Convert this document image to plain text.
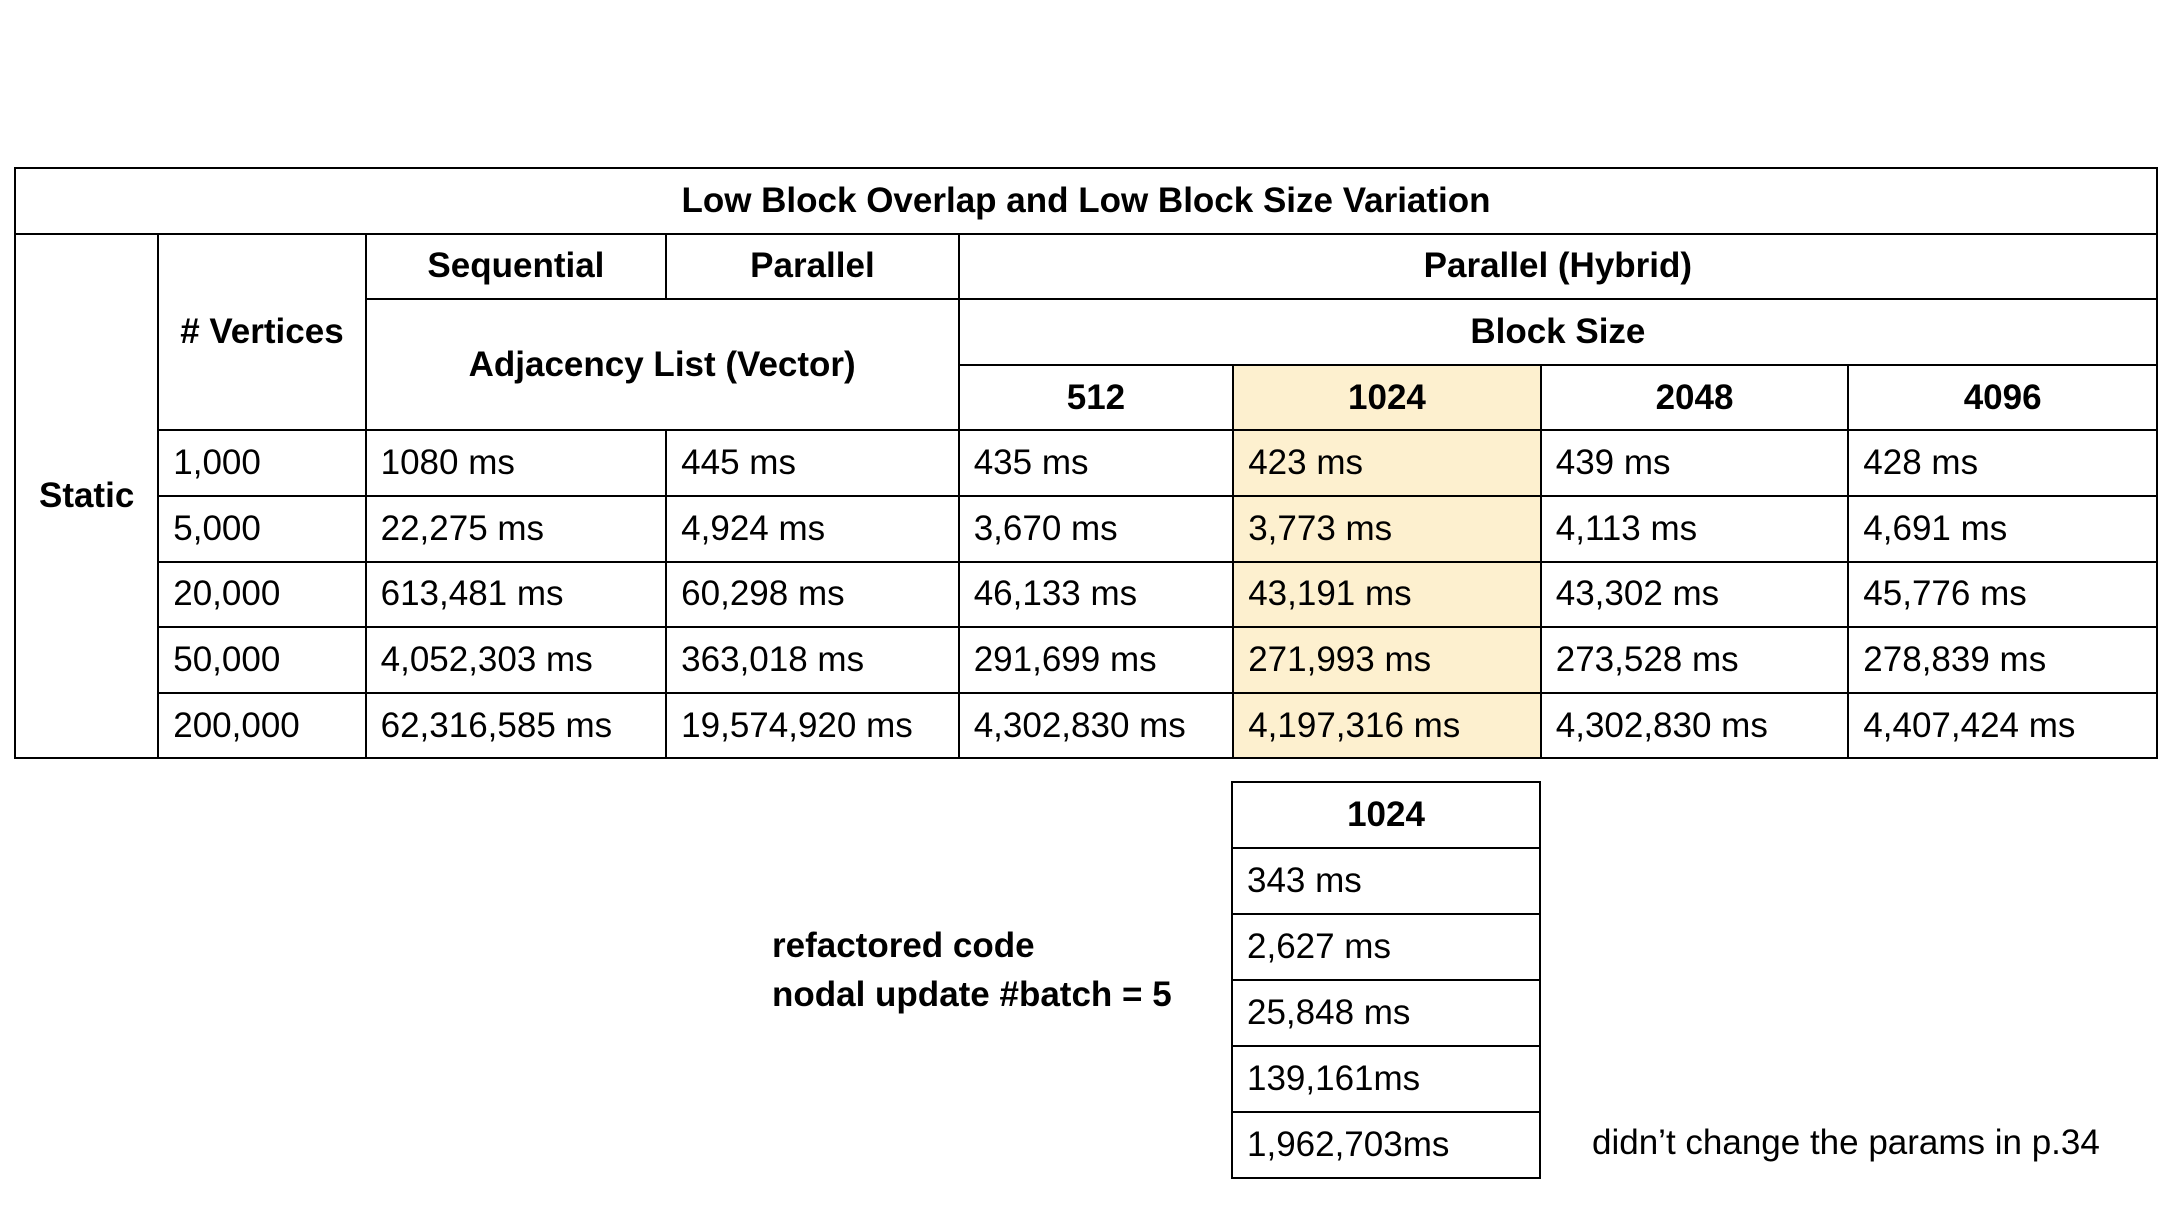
Low Block Overlap and Low Block Size Variation							
Static	# Vertices	Sequential	Parallel	Parallel (Hybrid)			
		Adjacency List (Vector)		Block Size			
				512	1024	2048	4096
	1,000	1080 ms	445 ms	435 ms	423 ms	439 ms	428 ms
	5,000	22,275 ms	4,924 ms	3,670 ms	3,773 ms	4,113 ms	4,691 ms
	20,000	613,481 ms	60,298 ms	46,133 ms	43,191 ms	43,302 ms	45,776 ms
	50,000	4,052,303 ms	363,018 ms	291,699 ms	271,993 ms	273,528 ms	278,839 ms
	200,000	62,316,585 ms	19,574,920 ms	4,302,830 ms	4,197,316 ms	4,302,830 ms	4,407,424 ms
refactored code
nodal update #batch = 5
1024
343 ms
2,627 ms
25,848 ms
139,161ms
1,962,703ms	didn’t change the params in p.34
